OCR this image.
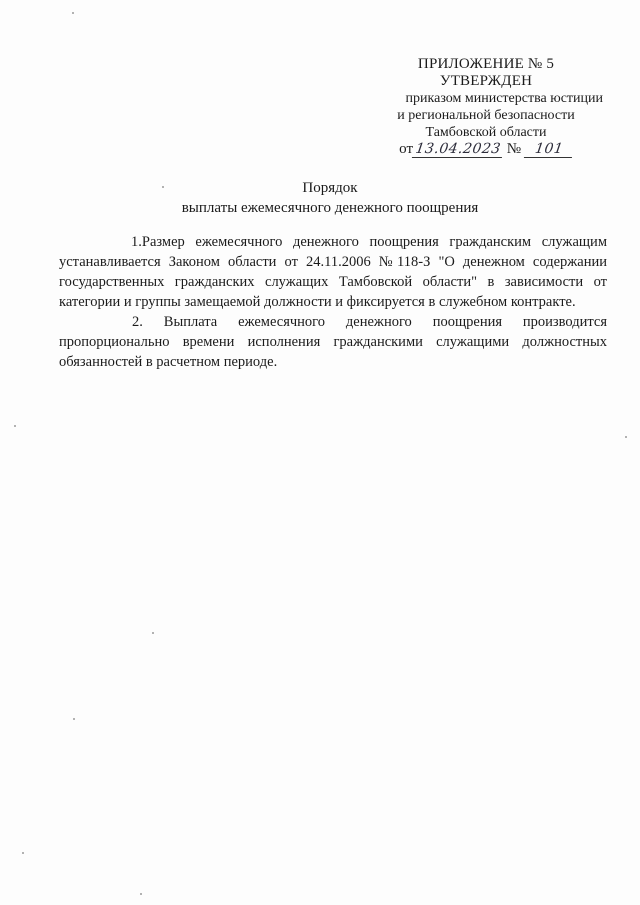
ПРИЛОЖЕНИЕ № 5
УТВЕРЖДЕН
приказом министерства юстиции
и региональной безопасности
Тамбовской области
от13.04.2023 № 101
Порядок
выплаты ежемесячного денежного поощрения

1.Размер ежемесячного денежного поощрения гражданским служащим устанавливается Законом области от 24.11.2006 №118-З "О денежном содержании государственных гражданских служащих Тамбовской области" в зависимости от категории и группы замещаемой должности и фиксируется в служебном контракте.

2. Выплата ежемесячного денежного поощрения производится пропорционально времени исполнения гражданскими служащими должностных обязанностей в расчетном периоде.
